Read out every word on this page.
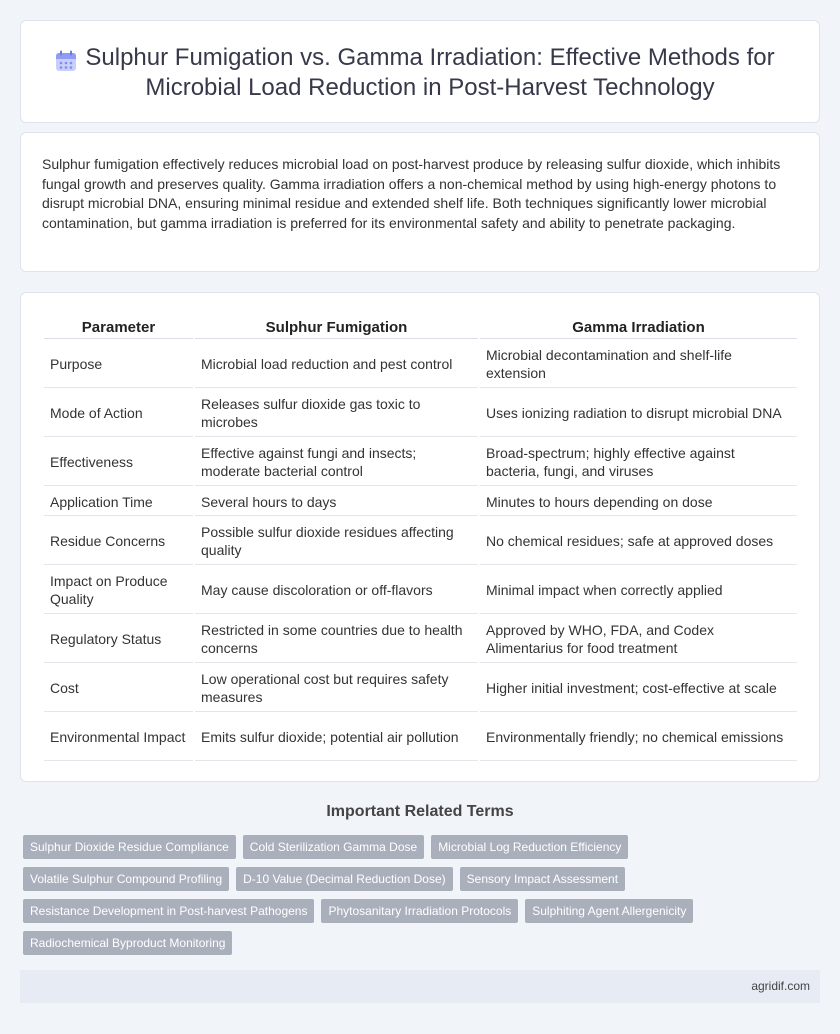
Sulphur Fumigation vs. Gamma Irradiation: Effective Methods for Microbial Load Reduction in Post-Harvest Technology

Sulphur fumigation effectively reduces microbial load on post-harvest produce by releasing sulfur dioxide, which inhibits fungal growth and preserves quality. Gamma irradiation offers a non-chemical method by using high-energy photons to disrupt microbial DNA, ensuring minimal residue and extended shelf life. Both techniques significantly lower microbial contamination, but gamma irradiation is preferred for its environmental safety and ability to penetrate packaging.

Parameter	Sulphur Fumigation	Gamma Irradiation
Purpose	Microbial load reduction and pest control	Microbial decontamination and shelf-life extension
Mode of Action	Releases sulfur dioxide gas toxic to microbes	Uses ionizing radiation to disrupt microbial DNA
Effectiveness	Effective against fungi and insects; moderate bacterial control	Broad-spectrum; highly effective against bacteria, fungi, and viruses
Application Time	Several hours to days	Minutes to hours depending on dose
Residue Concerns	Possible sulfur dioxide residues affecting quality	No chemical residues; safe at approved doses
Impact on Produce Quality	May cause discoloration or off-flavors	Minimal impact when correctly applied
Regulatory Status	Restricted in some countries due to health concerns	Approved by WHO, FDA, and Codex Alimentarius for food treatment
Cost	Low operational cost but requires safety measures	Higher initial investment; cost-effective at scale
Environmental Impact	Emits sulfur dioxide; potential air pollution	Environmentally friendly; no chemical emissions
Important Related Terms
Sulphur Dioxide Residue Compliance	Cold Sterilization Gamma Dose	Microbial Log Reduction Efficiency
Volatile Sulphur Compound Profiling	D-10 Value (Decimal Reduction Dose)	Sensory Impact Assessment
Resistance Development in Post-harvest Pathogens	Phytosanitary Irradiation Protocols	Sulphiting Agent Allergenicity
Radiochemical Byproduct Monitoring
agridif.com
